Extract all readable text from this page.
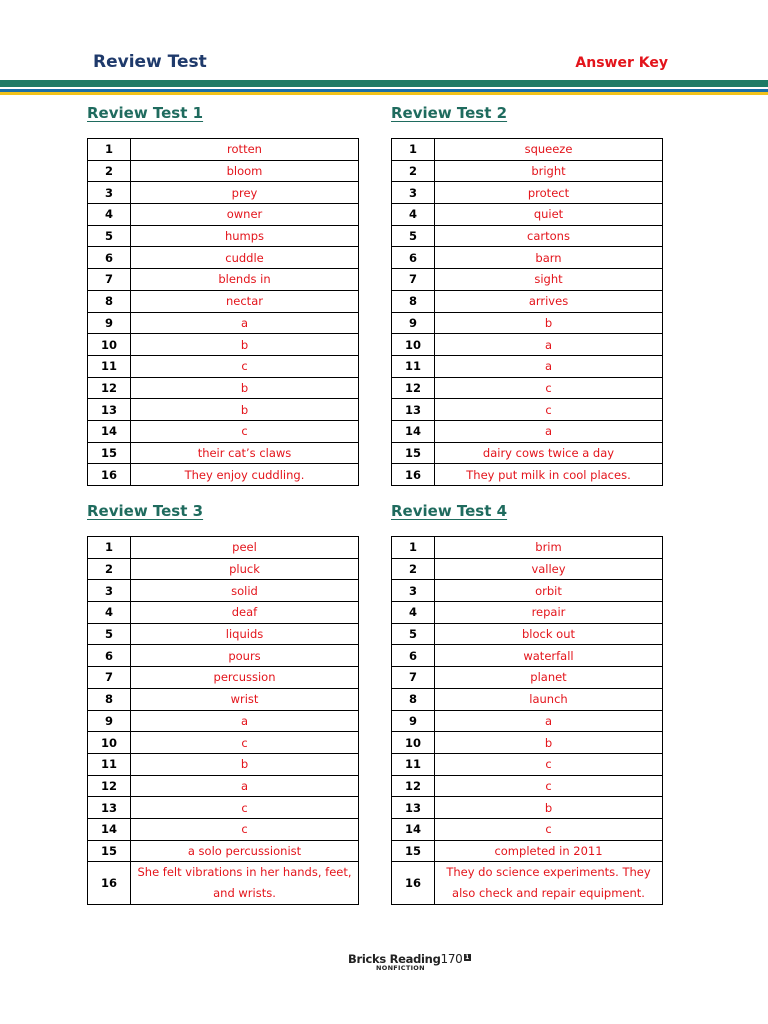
Review Test	Answer Key
Review Test 1
1	rotten
2	bloom
3	prey
4	owner
5	humps
6	cuddle
7	blends in
8	nectar
9	a
10	b
11	c
12	b
13	b
14	c
15	their cat’s claws
16	They enjoy cuddling.
Review Test 2
1	squeeze
2	bright
3	protect
4	quiet
5	cartons
6	barn
7	sight
8	arrives
9	b
10	a
11	a
12	c
13	c
14	a
15	dairy cows twice a day
16	They put milk in cool places.
Review Test 3
1	peel
2	pluck
3	solid
4	deaf
5	liquids
6	pours
7	percussion
8	wrist
9	a
10	c
11	b
12	a
13	c
14	c
15	a solo percussionist
16	She felt vibrations in her hands, feet, and wrists.
Review Test 4
1	brim
2	valley
3	orbit
4	repair
5	block out
6	waterfall
7	planet
8	launch
9	a
10	b
11	c
12	c
13	b
14	c
15	completed in 2011
16	They do science experiments. They also check and repair equipment.
Bricks Reading170 1
NONFICTION
